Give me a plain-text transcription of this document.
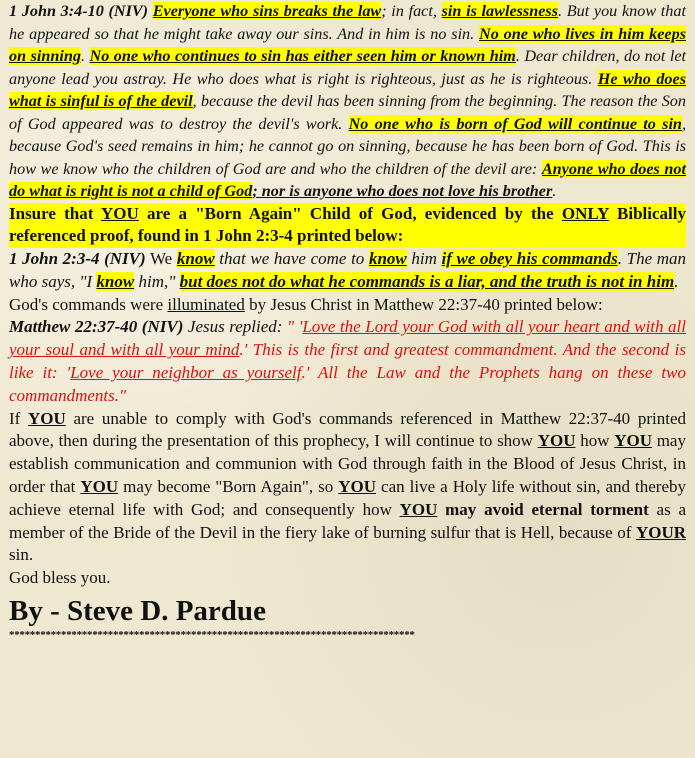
1 John 3:4-10 (NIV) Everyone who sins breaks the law; in fact, sin is lawlessness. But you know that he appeared so that he might take away our sins. And in him is no sin. No one who lives in him keeps on sinning. No one who continues to sin has either seen him or known him. Dear children, do not let anyone lead you astray. He who does what is right is righteous, just as he is righteous. He who does what is sinful is of the devil, because the devil has been sinning from the beginning. The reason the Son of God appeared was to destroy the devil's work. No one who is born of God will continue to sin, because God's seed remains in him; he cannot go on sinning, because he has been born of God. This is how we know who the children of God are and who the children of the devil are: Anyone who does not do what is right is not a child of God; nor is anyone who does not love his brother.

Insure that YOU are a "Born Again" Child of God, evidenced by the ONLY Biblically referenced proof, found in 1 John 2:3-4 printed below:

1 John 2:3-4 (NIV) We know that we have come to know him if we obey his commands. The man who says, "I know him," but does not do what he commands is a liar, and the truth is not in him.

God's commands were illuminated by Jesus Christ in Matthew 22:37-40 printed below:

Matthew 22:37-40 (NIV) Jesus replied: " 'Love the Lord your God with all your heart and with all your soul and with all your mind.' This is the first and greatest commandment. And the second is like it: 'Love your neighbor as yourself.' All the Law and the Prophets hang on these two commandments."

If YOU are unable to comply with God's commands referenced in Matthew 22:37-40 printed above, then during the presentation of this prophecy, I will continue to show YOU how YOU may establish communication and communion with God through faith in the Blood of Jesus Christ, in order that YOU may become "Born Again", so YOU can live a Holy life without sin, and thereby achieve eternal life with God; and consequently how YOU may avoid eternal torment as a member of the Bride of the Devil in the fiery lake of burning sulfur that is Hell, because of YOUR sin.

God bless you.

By - Steve D. Pardue
******************************************************************************
